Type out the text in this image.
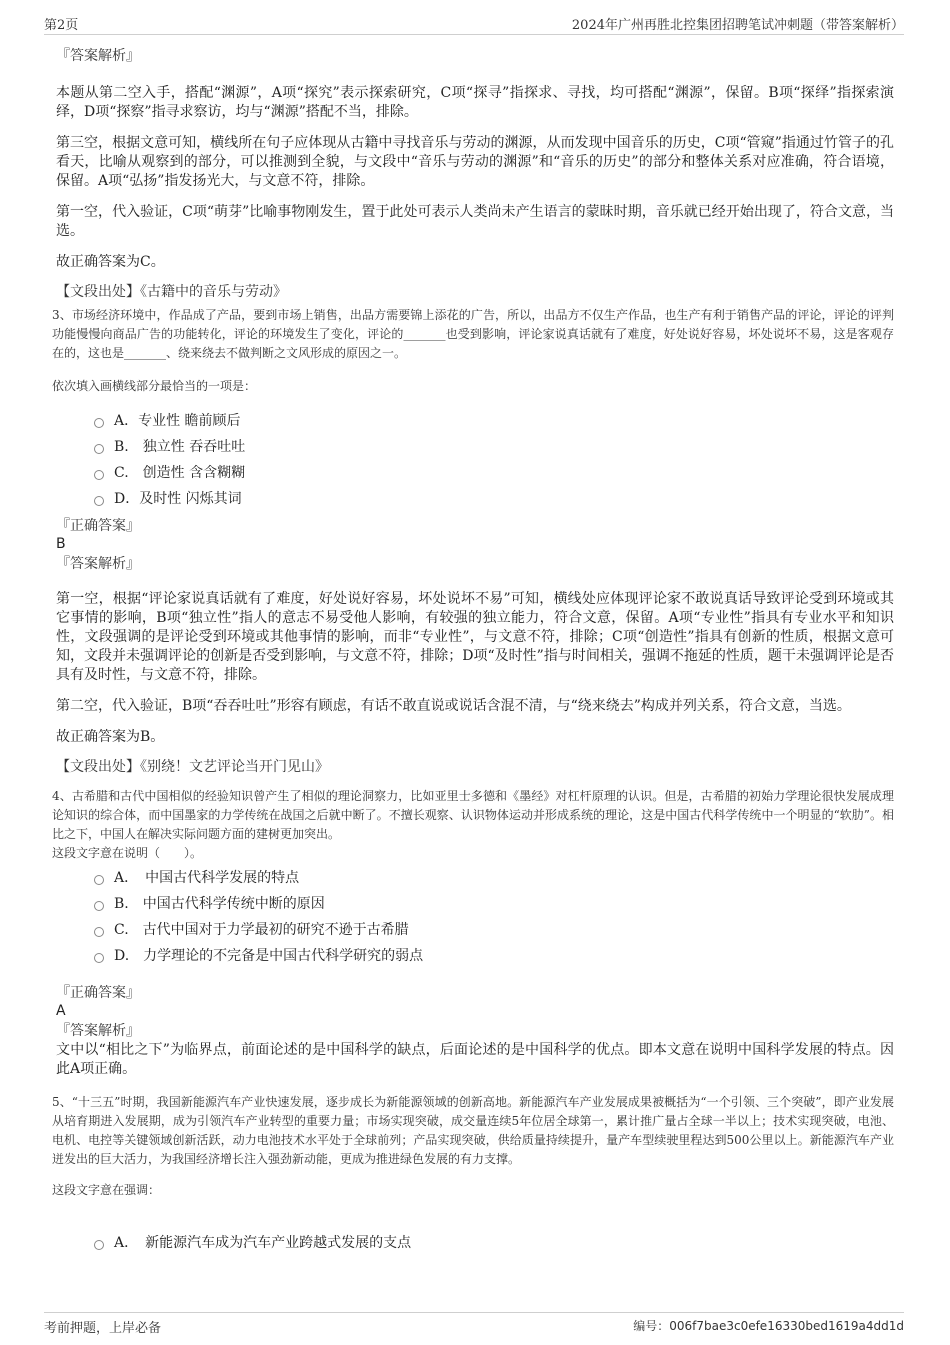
第2页	2024年广州再胜北控集团招聘笔试冲刺题（带答案解析）
『答案解析』

本题从第二空入手，搭配“渊源”，A项“探究”表示探索研究，C项“探寻”指探求、寻找，均可搭配“渊源”，保留。B项“探绎”指探索演绎，D项“探察”指寻求察访，均与“渊源”搭配不当，排除。

第三空，根据文意可知，横线所在句子应体现从古籍中寻找音乐与劳动的渊源，从而发现中国音乐的历史，C项“管窥”指通过竹管子的孔看天，比喻从观察到的部分，可以推测到全貌，与文段中“音乐与劳动的渊源”和“音乐的历史”的部分和整体关系对应准确，符合语境，保留。A项“弘扬”指发扬光大，与文意不符，排除。

第一空，代入验证，C项“萌芽”比喻事物刚发生，置于此处可表示人类尚未产生语言的蒙昧时期，音乐就已经开始出现了，符合文意，当选。

故正确答案为C。

【文段出处】《古籍中的音乐与劳动》

3、市场经济环境中，作品成了产品，要到市场上销售，出品方需要锦上添花的广告，所以，出品方不仅生产作品，也生产有利于销售产品的评论，评论的评判功能慢慢向商品广告的功能转化，评论的环境发生了变化，评论的_______也受到影响，评论家说真话就有了难度，好处说好容易，坏处说坏不易，这是客观存在的，这也是_______、绕来绕去不做判断之文风形成的原因之一。

依次填入画横线部分最恰当的一项是：

A．专业性 瞻前顾后
B.　独立性 吞吞吐吐
C.　创造性 含含糊糊
D．及时性 闪烁其词
『正确答案』
B
『答案解析』

第一空，根据“评论家说真话就有了难度，好处说好容易，坏处说坏不易”可知，横线处应体现评论家不敢说真话导致评论受到环境或其它事情的影响，B项“独立性”指人的意志不易受他人影响，有较强的独立能力，符合文意，保留。A项“专业性”指具有专业水平和知识性，文段强调的是评论受到环境或其他事情的影响，而非“专业性”，与文意不符，排除；C项“创造性”指具有创新的性质，根据文意可知，文段并未强调评论的创新是否受到影响，与文意不符，排除；D项“及时性”指与时间相关，强调不拖延的性质，题干未强调评论是否具有及时性，与文意不符，排除。

第二空，代入验证，B项“吞吞吐吐”形容有顾虑，有话不敢直说或说话含混不清，与“绕来绕去”构成并列关系，符合文意，当选。

故正确答案为B。

【文段出处】《别绕！文艺评论当开门见山》

4、古希腊和古代中国相似的经验知识曾产生了相似的理论洞察力，比如亚里士多德和《墨经》对杠杆原理的认识。但是，古希腊的初始力学理论很快发展成理论知识的综合体，而中国墨家的力学传统在战国之后就中断了。不擅长观察、认识物体运动并形成系统的理论，这是中国古代科学传统中一个明显的“软肋”。相比之下，中国人在解决实际问题方面的建树更加突出。

这段文字意在说明（　　）。

A．　中国古代科学发展的特点
B.　中国古代科学传统中断的原因
C.　古代中国对于力学最初的研究不逊于古希腊
D.　力学理论的不完备是中国古代科学研究的弱点
『正确答案』
A
『答案解析』

文中以“相比之下”为临界点，前面论述的是中国科学的缺点，后面论述的是中国科学的优点。即本文意在说明中国科学发展的特点。因此A项正确。

5、“十三五”时期，我国新能源汽车产业快速发展，逐步成长为新能源领域的创新高地。新能源汽车产业发展成果被概括为“一个引领、三个突破”，即产业发展从培育期进入发展期，成为引领汽车产业转型的重要力量；市场实现突破，成交量连续5年位居全球第一，累计推广量占全球一半以上；技术实现突破，电池、电机、电控等关键领域创新活跃，动力电池技术水平处于全球前列；产品实现突破，供给质量持续提升，量产车型续驶里程达到500公里以上。新能源汽车产业迸发出的巨大活力，为我国经济增长注入强劲新动能，更成为推进绿色发展的有力支撑。

这段文字意在强调：

A．　新能源汽车成为汽车产业跨越式发展的支点
考前押题，上岸必备	编号：006f7bae3c0efe16330bed1619a4dd1d
